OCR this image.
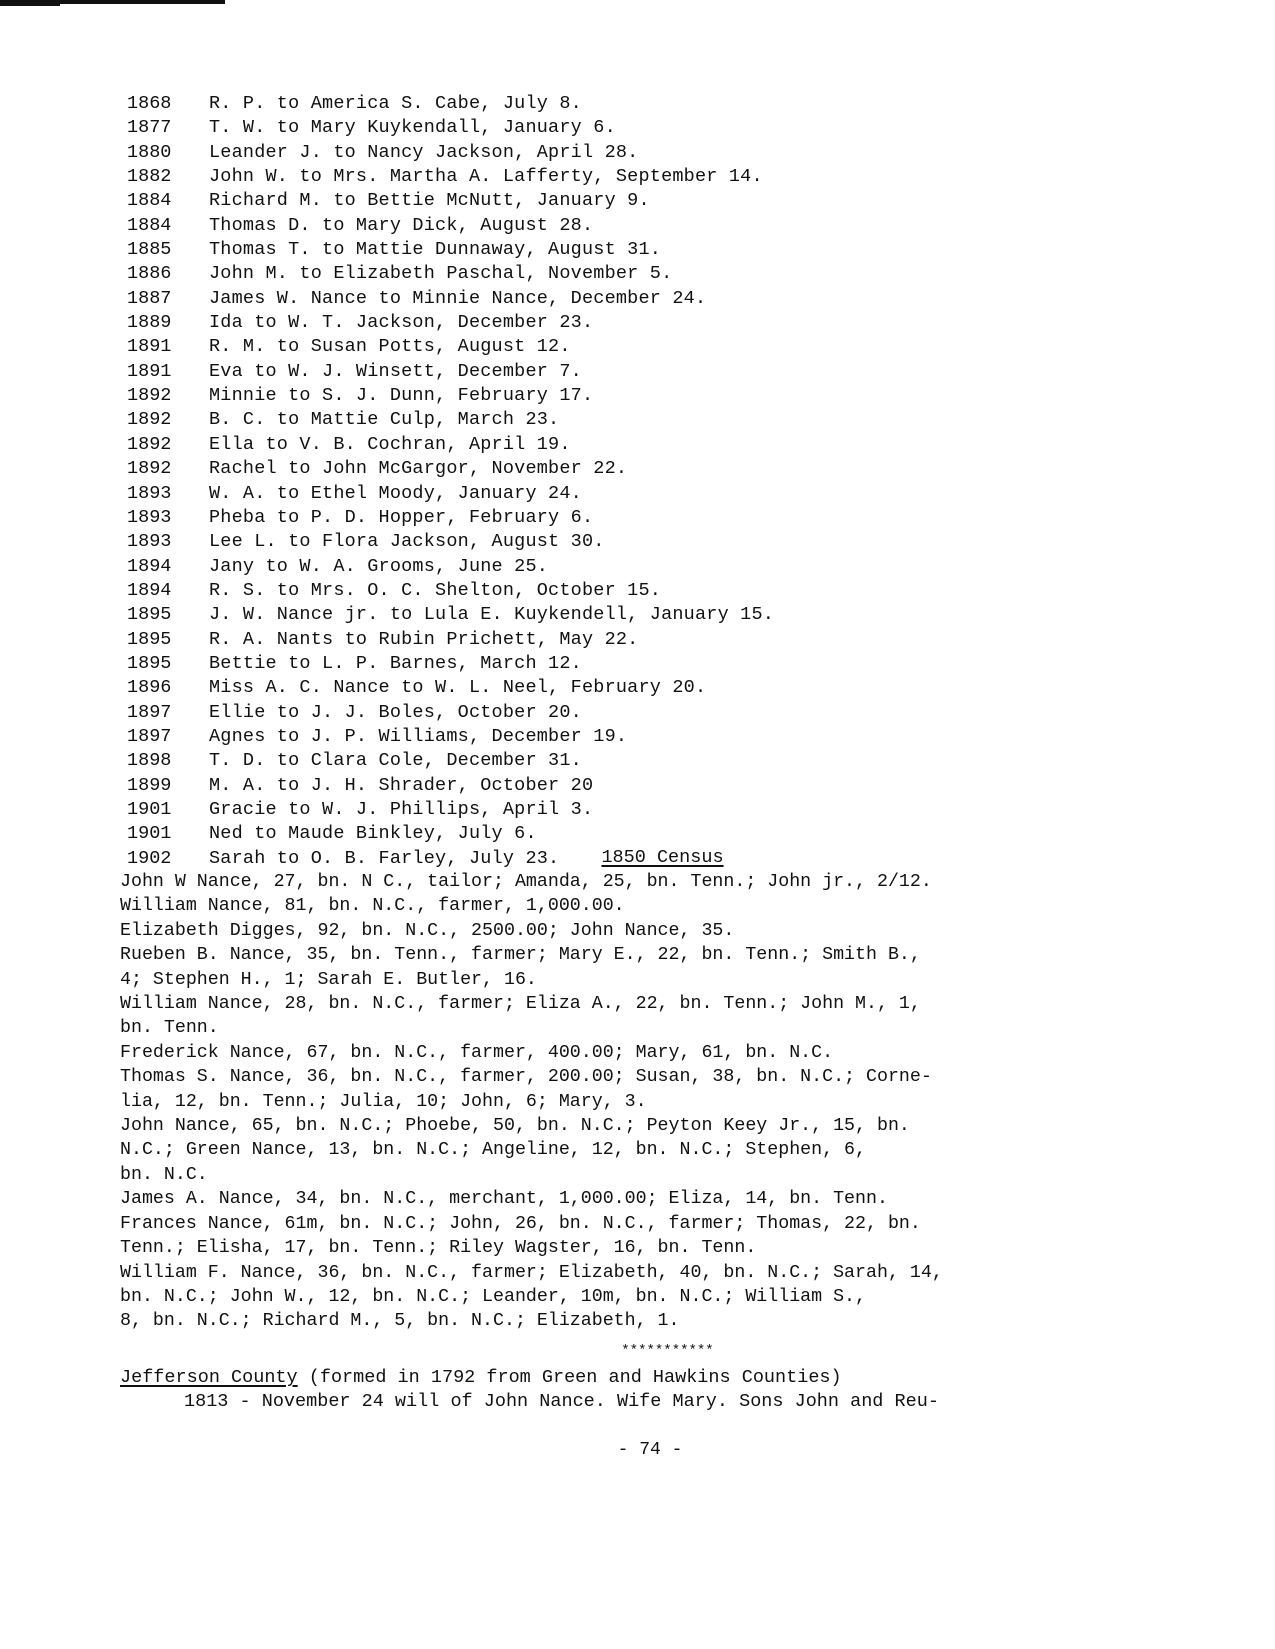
1868	R. P. to America S. Cabe, July 8.
1877	T. W. to Mary Kuykendall, January 6.
1880	Leander J. to Nancy Jackson, April 28.
1882	John W. to Mrs. Martha A. Lafferty, September 14.
1884	Richard M. to Bettie McNutt, January 9.
1884	Thomas D. to Mary Dick, August 28.
1885	Thomas T. to Mattie Dunnaway, August 31.
1886	John M. to Elizabeth Paschal, November 5.
1887	James W. Nance to Minnie Nance, December 24.
1889	Ida to W. T. Jackson, December 23.
1891	R. M. to Susan Potts, August 12.
1891	Eva to W. J. Winsett, December 7.
1892	Minnie to S. J. Dunn, February 17.
1892	B. C. to Mattie Culp, March 23.
1892	Ella to V. B. Cochran, April 19.
1892	Rachel to John McGargor, November 22.
1893	W. A. to Ethel Moody, January 24.
1893	Pheba to P. D. Hopper, February 6.
1893	Lee L. to Flora Jackson, August 30.
1894	Jany to W. A. Grooms, June 25.
1894	R. S. to Mrs. O. C. Shelton, October 15.
1895	J. W. Nance jr. to Lula E. Kuykendell, January 15.
1895	R. A. Nants to Rubin Prichett, May 22.
1895	Bettie to L. P. Barnes, March 12.
1896	Miss A. C. Nance to W. L. Neel, February 20.
1897	Ellie to J. J. Boles, October 20.
1897	Agnes to J. P. Williams, December 19.
1898	T. D. to Clara Cole, December 31.
1899	M. A. to J. H. Shrader, October 20
1901	Gracie to W. J. Phillips, April 3.
1901	Ned to Maude Binkley, July 6.
1902	Sarah to O. B. Farley, July 23.	1850 Census
John W Nance, 27, bn. N C., tailor; Amanda, 25, bn. Tenn.; John jr., 2/12.
William Nance, 81, bn. N.C., farmer, 1,000.00.
Elizabeth Digges, 92, bn. N.C., 2500.00; John Nance, 35.
Rueben B. Nance, 35, bn. Tenn., farmer; Mary E., 22, bn. Tenn.; Smith B.,
4; Stephen H., 1; Sarah E. Butler, 16.
William Nance, 28, bn. N.C., farmer; Eliza A., 22, bn. Tenn.; John M., 1,
bn. Tenn.
Frederick Nance, 67, bn. N.C., farmer, 400.00; Mary, 61, bn. N.C.
Thomas S. Nance, 36, bn. N.C., farmer, 200.00; Susan, 38, bn. N.C.; Corne-
lia, 12, bn. Tenn.; Julia, 10; John, 6; Mary, 3.
John Nance, 65, bn. N.C.; Phoebe, 50, bn. N.C.; Peyton Keey Jr., 15, bn.
N.C.; Green Nance, 13, bn. N.C.; Angeline, 12, bn. N.C.; Stephen, 6,
bn. N.C.
James A. Nance, 34, bn. N.C., merchant, 1,000.00; Eliza, 14, bn. Tenn.
Frances Nance, 61m, bn. N.C.; John, 26, bn. N.C., farmer; Thomas, 22, bn.
Tenn.; Elisha, 17, bn. Tenn.; Riley Wagster, 16, bn. Tenn.
William F. Nance, 36, bn. N.C., farmer; Elizabeth, 40, bn. N.C.; Sarah, 14,
bn. N.C.; John W., 12, bn. N.C.; Leander, 10m, bn. N.C.; William S.,
8, bn. N.C.; Richard M., 5, bn. N.C.; Elizabeth, 1.
***********
Jefferson County (formed in 1792 from Green and Hawkins Counties)
1813 - November 24 will of John Nance. Wife Mary. Sons John and Reu-
- 74 -
